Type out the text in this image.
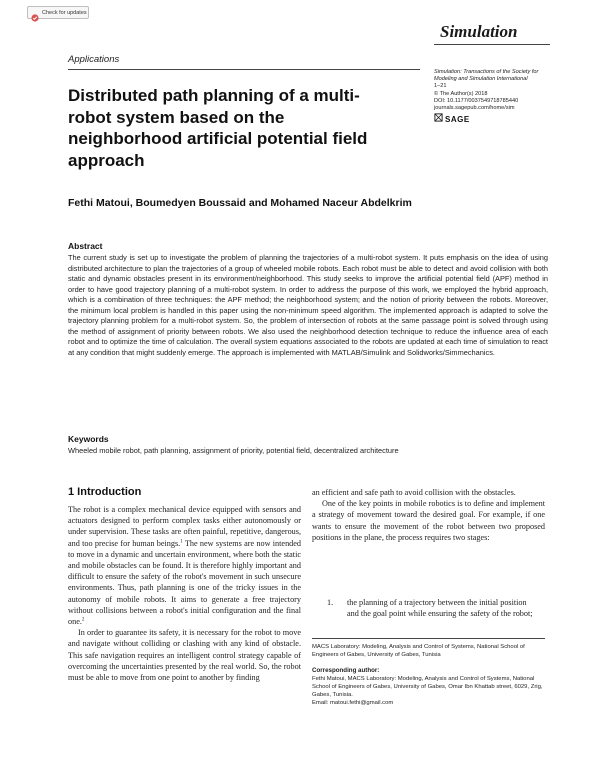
Check for updates
Applications
Simulation
Simulation: Transactions of the Society for Modeling and Simulation International
1–21
© The Author(s) 2018
DOI: 10.1177/0037549718785440
journals.sagepub.com/home/sim
SAGE
Distributed path planning of a multi-robot system based on the neighborhood artificial potential field approach
Fethi Matoui, Boumedyen Boussaid and Mohamed Naceur Abdelkrim
Abstract
The current study is set up to investigate the problem of planning the trajectories of a multi-robot system. It puts emphasis on the idea of using distributed architecture to plan the trajectories of a group of wheeled mobile robots. Each robot must be able to detect and avoid collision with both static and dynamic obstacles present in its environment/neighborhood. This study seeks to improve the artificial potential field (APF) method in order to have good trajectory planning of a multi-robot system. In order to address the purpose of this work, we employed the hybrid approach, which is a combination of three techniques: the APF method; the neighborhood system; and the notion of priority between the robots. Moreover, the minimum local problem is handled in this paper using the non-minimum speed algorithm. The implemented approach is adapted to solve the trajectory planning problem for a multi-robot system. So, the problem of intersection of robots at the same passage point is solved through using the method of assignment of priority between robots. We also used the neighborhood detection technique to reduce the influence area of each robot and to optimize the time of calculation. The overall system equations associated to the robots are updated at each time of simulation to react at any condition that might suddenly emerge. The approach is implemented with MATLAB/Simulink and Solidworks/Simmechanics.
Keywords
Wheeled mobile robot, path planning, assignment of priority, potential field, decentralized architecture
1 Introduction

The robot is a complex mechanical device equipped with sensors and actuators designed to perform complex tasks either autonomously or under supervision. These tasks are often painful, repetitive, dangerous, and too precise for human beings.$^1$ The new systems are now intended to move in a dynamic and uncertain environment, where both the static and mobile obstacles can be found. It is therefore highly important and difficult to ensure the safety of the robot's movement in such unsecure environments. Thus, path planning is one of the tricky issues in the autonomy of mobile robots. It aims to generate a free trajectory without collisions between a robot's initial configuration and the final one.$^2$

In order to guarantee its safety, it is necessary for the robot to move and navigate without colliding or clashing with any kind of obstacle. This safe navigation requires an intelligent control strategy capable of overcoming the uncertainties presented by the real world. So, the robot must be able to move from one point to another by finding

an efficient and safe path to avoid collision with the obstacles.

One of the key points in mobile robotics is to define and implement a strategy of movement toward the desired goal. For example, if one wants to ensure the movement of the robot between two proposed positions in the plane, the process requires two stages:

1. the planning of a trajectory between the initial position and the goal point while ensuring the safety of the robot;

MACS Laboratory: Modeling, Analysis and Control of Systems, National School of Engineers of Gabes, University of Gabes, Tunisia

Corresponding author:

Fethi Matoui, MACS Laboratory: Modeling, Analysis and Control of Systems, National School of Engineers of Gabes, University of Gabes, Omar Ibn Khattab street, 6029, Zrig, Gabes, Tunisia.

Email: matoui.fethi@gmail.com
